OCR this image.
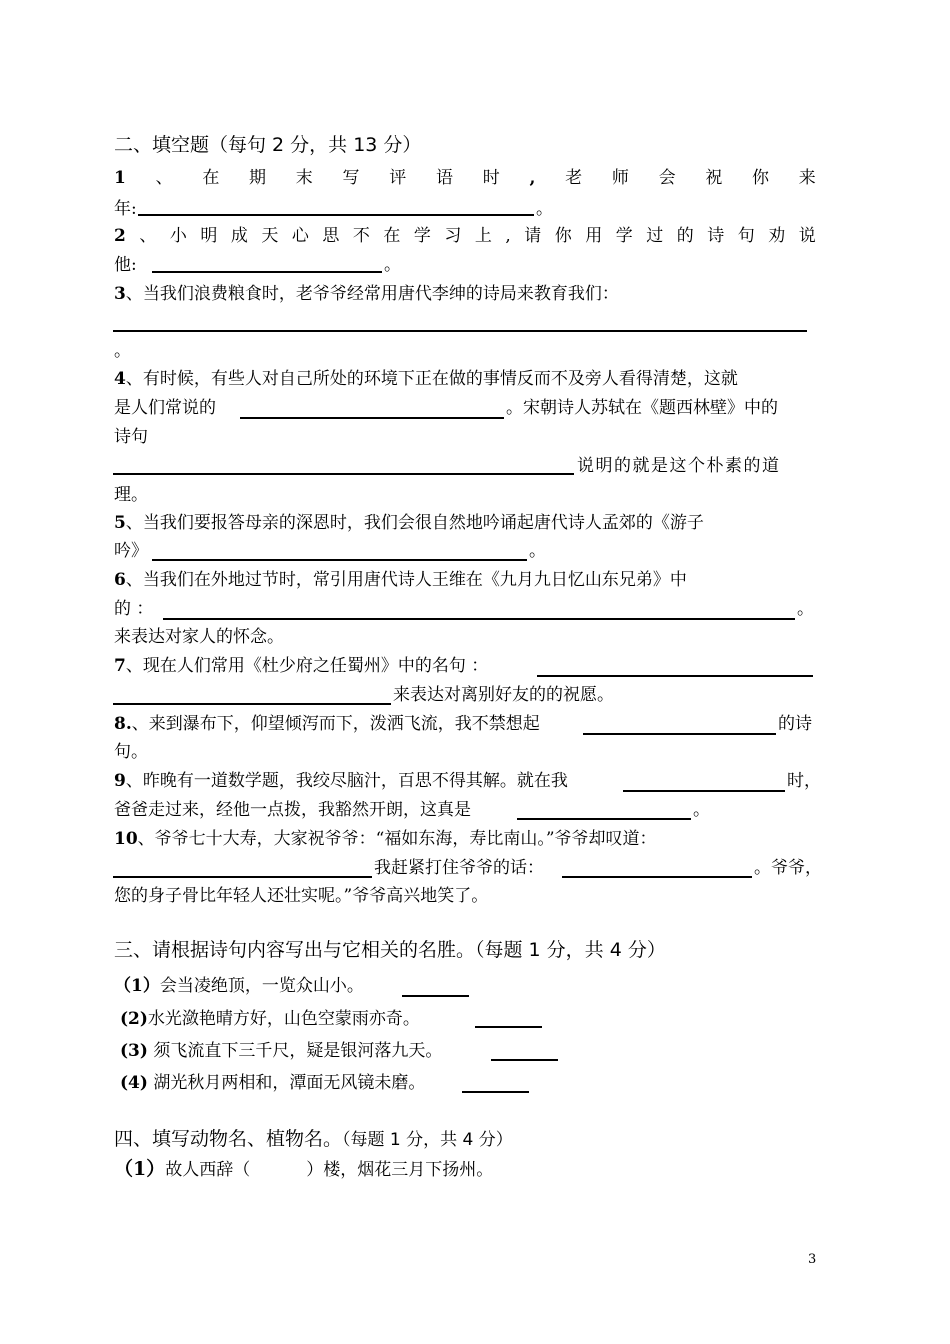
二、填空题（每句 2 分，共 13 分）
1 、 在 期 末 写 评 语 时 , 老 师 会 祝 你 来
年:	。
2 、 小 明 成 天 心 思 不 在 学 习 上 , 请 你 用 学 过 的 诗 句 劝 说
他:	。
3、当我们浪费粮食时，老爷爷经常用唐代李绅的诗局来教育我们：
。
4、有时候，有些人对自己所处的环境下正在做的事情反而不及旁人看得清楚，这就
是人们常说的	。宋朝诗人苏轼在《题西林壁》中的
诗句
说明的就是这个朴素的道
理。
5、当我们要报答母亲的深恩时，我们会很自然地吟诵起唐代诗人孟郊的《游子
吟》	。
6、当我们在外地过节时，常引用唐代诗人王维在《九月九日忆山东兄弟》中
的 ：	。
来表达对家人的怀念。
7、现在人们常用《杜少府之任蜀州》中的名句 ：
来表达对离别好友的的祝愿。
8.、来到瀑布下，仰望倾泻而下，泼洒飞流，我不禁想起	的诗
句。
9、昨晚有一道数学题，我绞尽脑汁，百思不得其解。就在我	时，
爸爸走过来，经他一点拨，我豁然开朗，这真是	。
10、爷爷七十大寿，大家祝爷爷：“福如东海，寿比南山。”爷爷却叹道：
我赶紧打住爷爷的话：	。爷爷，
您的身子骨比年轻人还壮实呢。”爷爷高兴地笑了。
三、请根据诗句内容写出与它相关的名胜。（每题 1 分，共 4 分）
（1）会当凌绝顶，一览众山小。
(2)水光潋艳晴方好，山色空蒙雨亦奇。
(3) 须飞流直下三千尺，疑是银河落九天。
(4) 湖光秋月两相和，潭面无风镜未磨。
四、填写动物名、植物名。（每题 1 分，共 4 分）
（1）故人西辞（	）楼，烟花三月下扬州。
3
